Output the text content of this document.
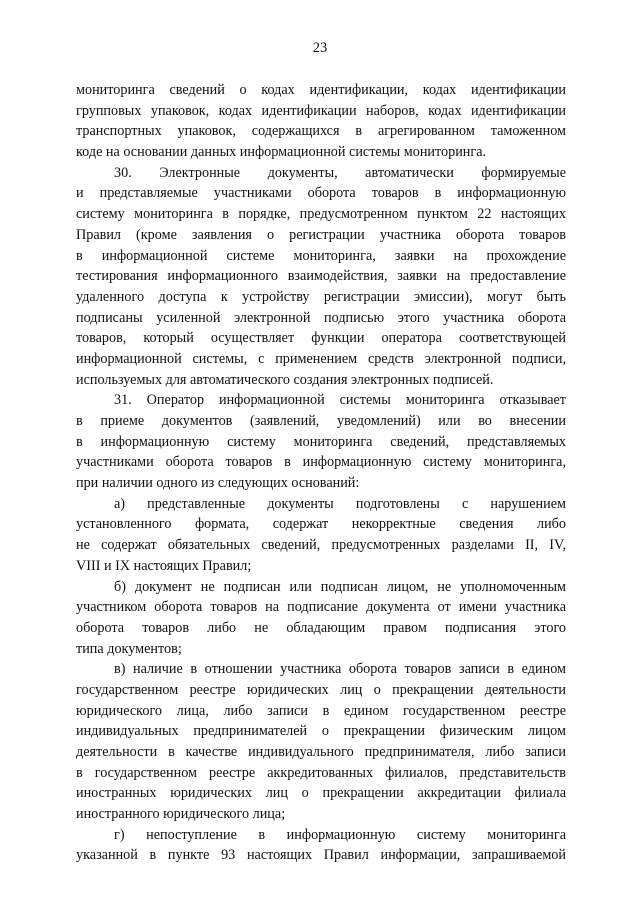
23
мониторинга сведений о кодах идентификации, кодах идентификации
групповых упаковок, кодах идентификации наборов, кодах идентификации
транспортных упаковок, содержащихся в агрегированном таможенном
коде на основании данных информационной системы мониторинга.
30. Электронные документы, автоматически формируемые
и представляемые участниками оборота товаров в информационную
систему мониторинга в порядке, предусмотренном пунктом 22 настоящих
Правил (кроме заявления о регистрации участника оборота товаров
в информационной системе мониторинга, заявки на прохождение
тестирования информационного взаимодействия, заявки на предоставление
удаленного доступа к устройству регистрации эмиссии), могут быть
подписаны усиленной электронной подписью этого участника оборота
товаров, который осуществляет функции оператора соответствующей
информационной системы, с применением средств электронной подписи,
используемых для автоматического создания электронных подписей.
31. Оператор информационной системы мониторинга отказывает
в приеме документов (заявлений, уведомлений) или во внесении
в информационную систему мониторинга сведений, представляемых
участниками оборота товаров в информационную систему мониторинга,
при наличии одного из следующих оснований:
а) представленные документы подготовлены с нарушением
установленного формата, содержат некорректные сведения либо
не содержат обязательных сведений, предусмотренных разделами II, IV,
VIII и IX настоящих Правил;
б) документ не подписан или подписан лицом, не уполномоченным
участником оборота товаров на подписание документа от имени участника
оборота товаров либо не обладающим правом подписания этого
типа документов;
в) наличие в отношении участника оборота товаров записи в едином
государственном реестре юридических лиц о прекращении деятельности
юридического лица, либо записи в едином государственном реестре
индивидуальных предпринимателей о прекращении физическим лицом
деятельности в качестве индивидуального предпринимателя, либо записи
в государственном реестре аккредитованных филиалов, представительств
иностранных юридических лиц о прекращении аккредитации филиала
иностранного юридического лица;
г) непоступление в информационную систему мониторинга
указанной в пункте 93 настоящих Правил информации, запрашиваемой
